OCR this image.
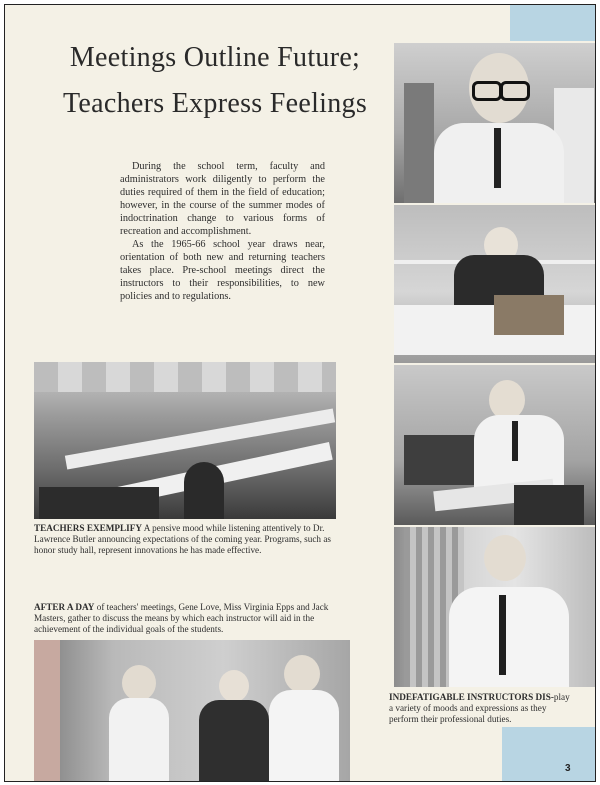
Meetings Outline Future;
Teachers Express Feelings

During the school term, faculty and administrators work diligently to perform the duties required of them in the field of education; however, in the course of the summer modes of indoctrination change to various forms of recreation and accomplishment.

As the 1965-66 school year draws near, orientation of both new and returning teachers takes place. Pre-school meetings direct the instructors to their responsibilities, to new policies and to regulations.

TEACHERS EXEMPLIFY A pensive mood while listening attentively to Dr. Lawrence Butler announcing expectations of the coming year. Programs, such as honor study hall, represent innovations he has made effective.
AFTER A DAY of teachers' meetings, Gene Love, Miss Virginia Epps and Jack Masters, gather to discuss the means by which each instructor will aid in the achievement of the individual goals of the students.
INDEFATIGABLE INSTRUCTORS DIS-play a variety of moods and expressions as they perform their professional duties.
3
